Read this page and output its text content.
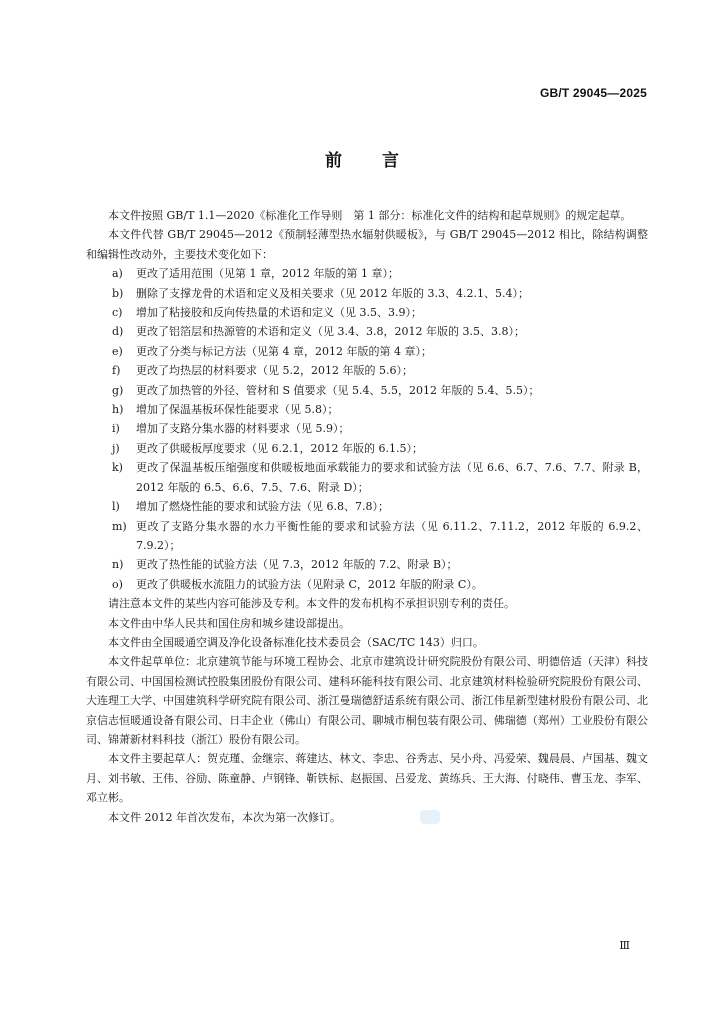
GB/T 29045—2025
前言

本文件按照 GB/T 1.1—2020《标准化工作导则　第 1 部分：标准化文件的结构和起草规则》的规定起草。

本文件代替 GB/T 29045—2012《预制轻薄型热水辐射供暖板》，与 GB/T 29045—2012 相比，除结构调整和编辑性改动外，主要技术变化如下：

a)	更改了适用范围（见第 1 章，2012 年版的第 1 章）；
b)	删除了支撑龙骨的术语和定义及相关要求（见 2012 年版的 3.3、4.2.1、5.4）；
c)	增加了粘接胶和反向传热量的术语和定义（见 3.5、3.9）；
d)	更改了铝箔层和热源管的术语和定义（见 3.4、3.8，2012 年版的 3.5、3.8）；
e)	更改了分类与标记方法（见第 4 章，2012 年版的第 4 章）；
f)	更改了均热层的材料要求（见 5.2，2012 年版的 5.6）；
g)	更改了加热管的外径、管材和 S 值要求（见 5.4、5.5，2012 年版的 5.4、5.5）；
h)	增加了保温基板环保性能要求（见 5.8）；
i)	增加了支路分集水器的材料要求（见 5.9）；
j)	更改了供暖板厚度要求（见 6.2.1，2012 年版的 6.1.5）；
k)	更改了保温基板压缩强度和供暖板地面承载能力的要求和试验方法（见 6.6、6.7、7.6、7.7、附录 B，2012 年版的 6.5、6.6、7.5、7.6、附录 D）；
l)	增加了燃烧性能的要求和试验方法（见 6.8、7.8）；
m) 更改了支路分集水器的水力平衡性能的要求和试验方法（见 6.11.2、7.11.2，2012 年版的 6.9.2、7.9.2）；
n)	更改了热性能的试验方法（见 7.3，2012 年版的 7.2、附录 B）；
o)	更改了供暖板水流阻力的试验方法（见附录 C，2012 年版的附录 C）。

请注意本文件的某些内容可能涉及专利。本文件的发布机构不承担识别专利的责任。

本文件由中华人民共和国住房和城乡建设部提出。

本文件由全国暖通空调及净化设备标准化技术委员会（SAC/TC 143）归口。

本文件起草单位：北京建筑节能与环境工程协会、北京市建筑设计研究院股份有限公司、明德倍适（天津）科技有限公司、中国国检测试控股集团股份有限公司、建科环能科技有限公司、北京建筑材料检验研究院股份有限公司、大连理工大学、中国建筑科学研究院有限公司、浙江曼瑞德舒适系统有限公司、浙江伟星新型建材股份有限公司、北京信志恒暖通设备有限公司、日丰企业（佛山）有限公司、聊城市桐包装有限公司、佛瑞德（郑州）工业股份有限公司、锦萧新材料科技（浙江）股份有限公司。

本文件主要起草人：贺克瑾、金继宗、蒋建达、林文、李忠、谷秀志、吴小舟、冯爱荣、魏晨晨、卢国基、魏文月、刘书敏、王伟、谷励、陈童静、卢钢锋、靳铁标、赵振国、吕爱龙、黄练兵、王大海、付晓伟、曹玉龙、李军、邓立彬。

本文件 2012 年首次发布，本次为第一次修订。

Ⅲ
